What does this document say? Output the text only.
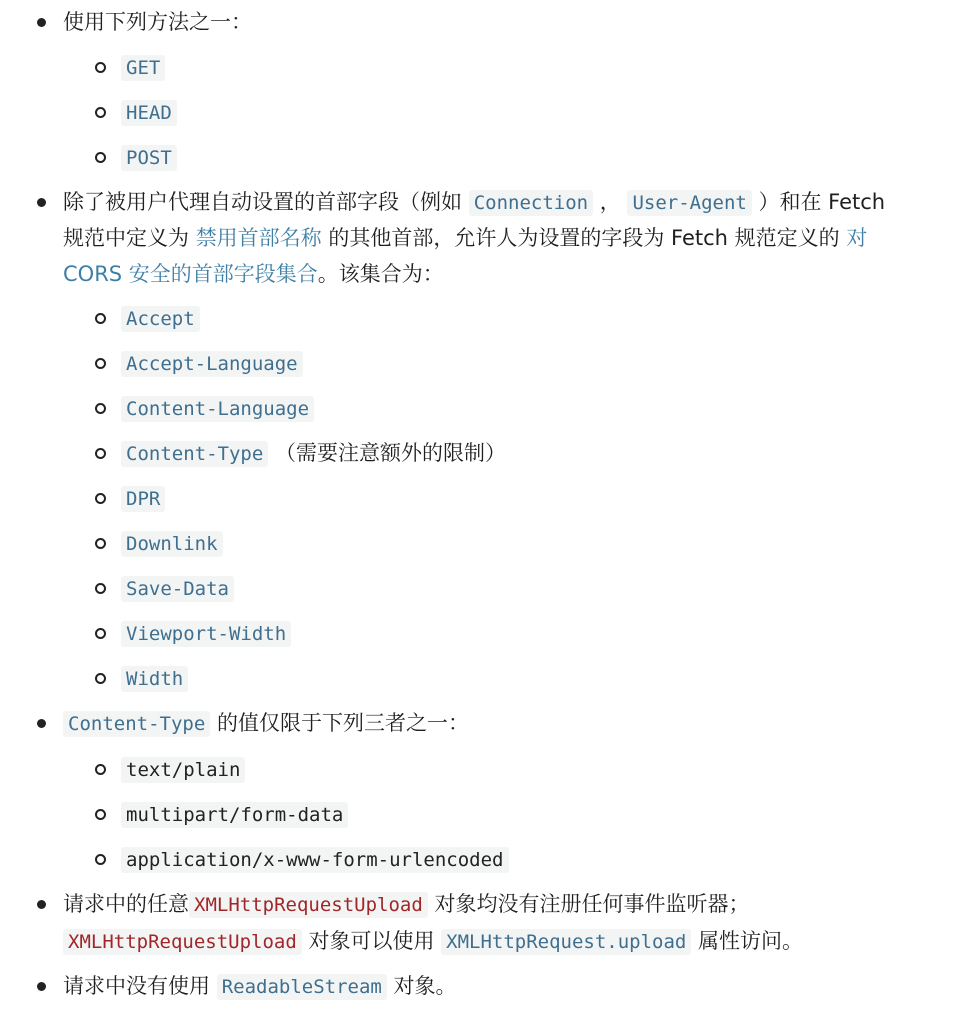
使用下列方法之一：
GET
HEAD
POST
除了被用户代理自动设置的首部字段（例如 Connection ， User-Agent ）和在 Fetch
规范中定义为 禁用首部名称 的其他首部，允许人为设置的字段为 Fetch 规范定义的 对
CORS 安全的首部字段集合。该集合为：
Accept
Accept-Language
Content-Language
Content-Type （需要注意额外的限制）
DPR
Downlink
Save-Data
Viewport-Width
Width
Content-Type 的值仅限于下列三者之一：
text/plain
multipart/form-data
application/x-www-form-urlencoded
请求中的任意 XMLHttpRequestUpload 对象均没有注册任何事件监听器；
XMLHttpRequestUpload 对象可以使用 XMLHttpRequest.upload 属性访问。
请求中没有使用 ReadableStream 对象。
